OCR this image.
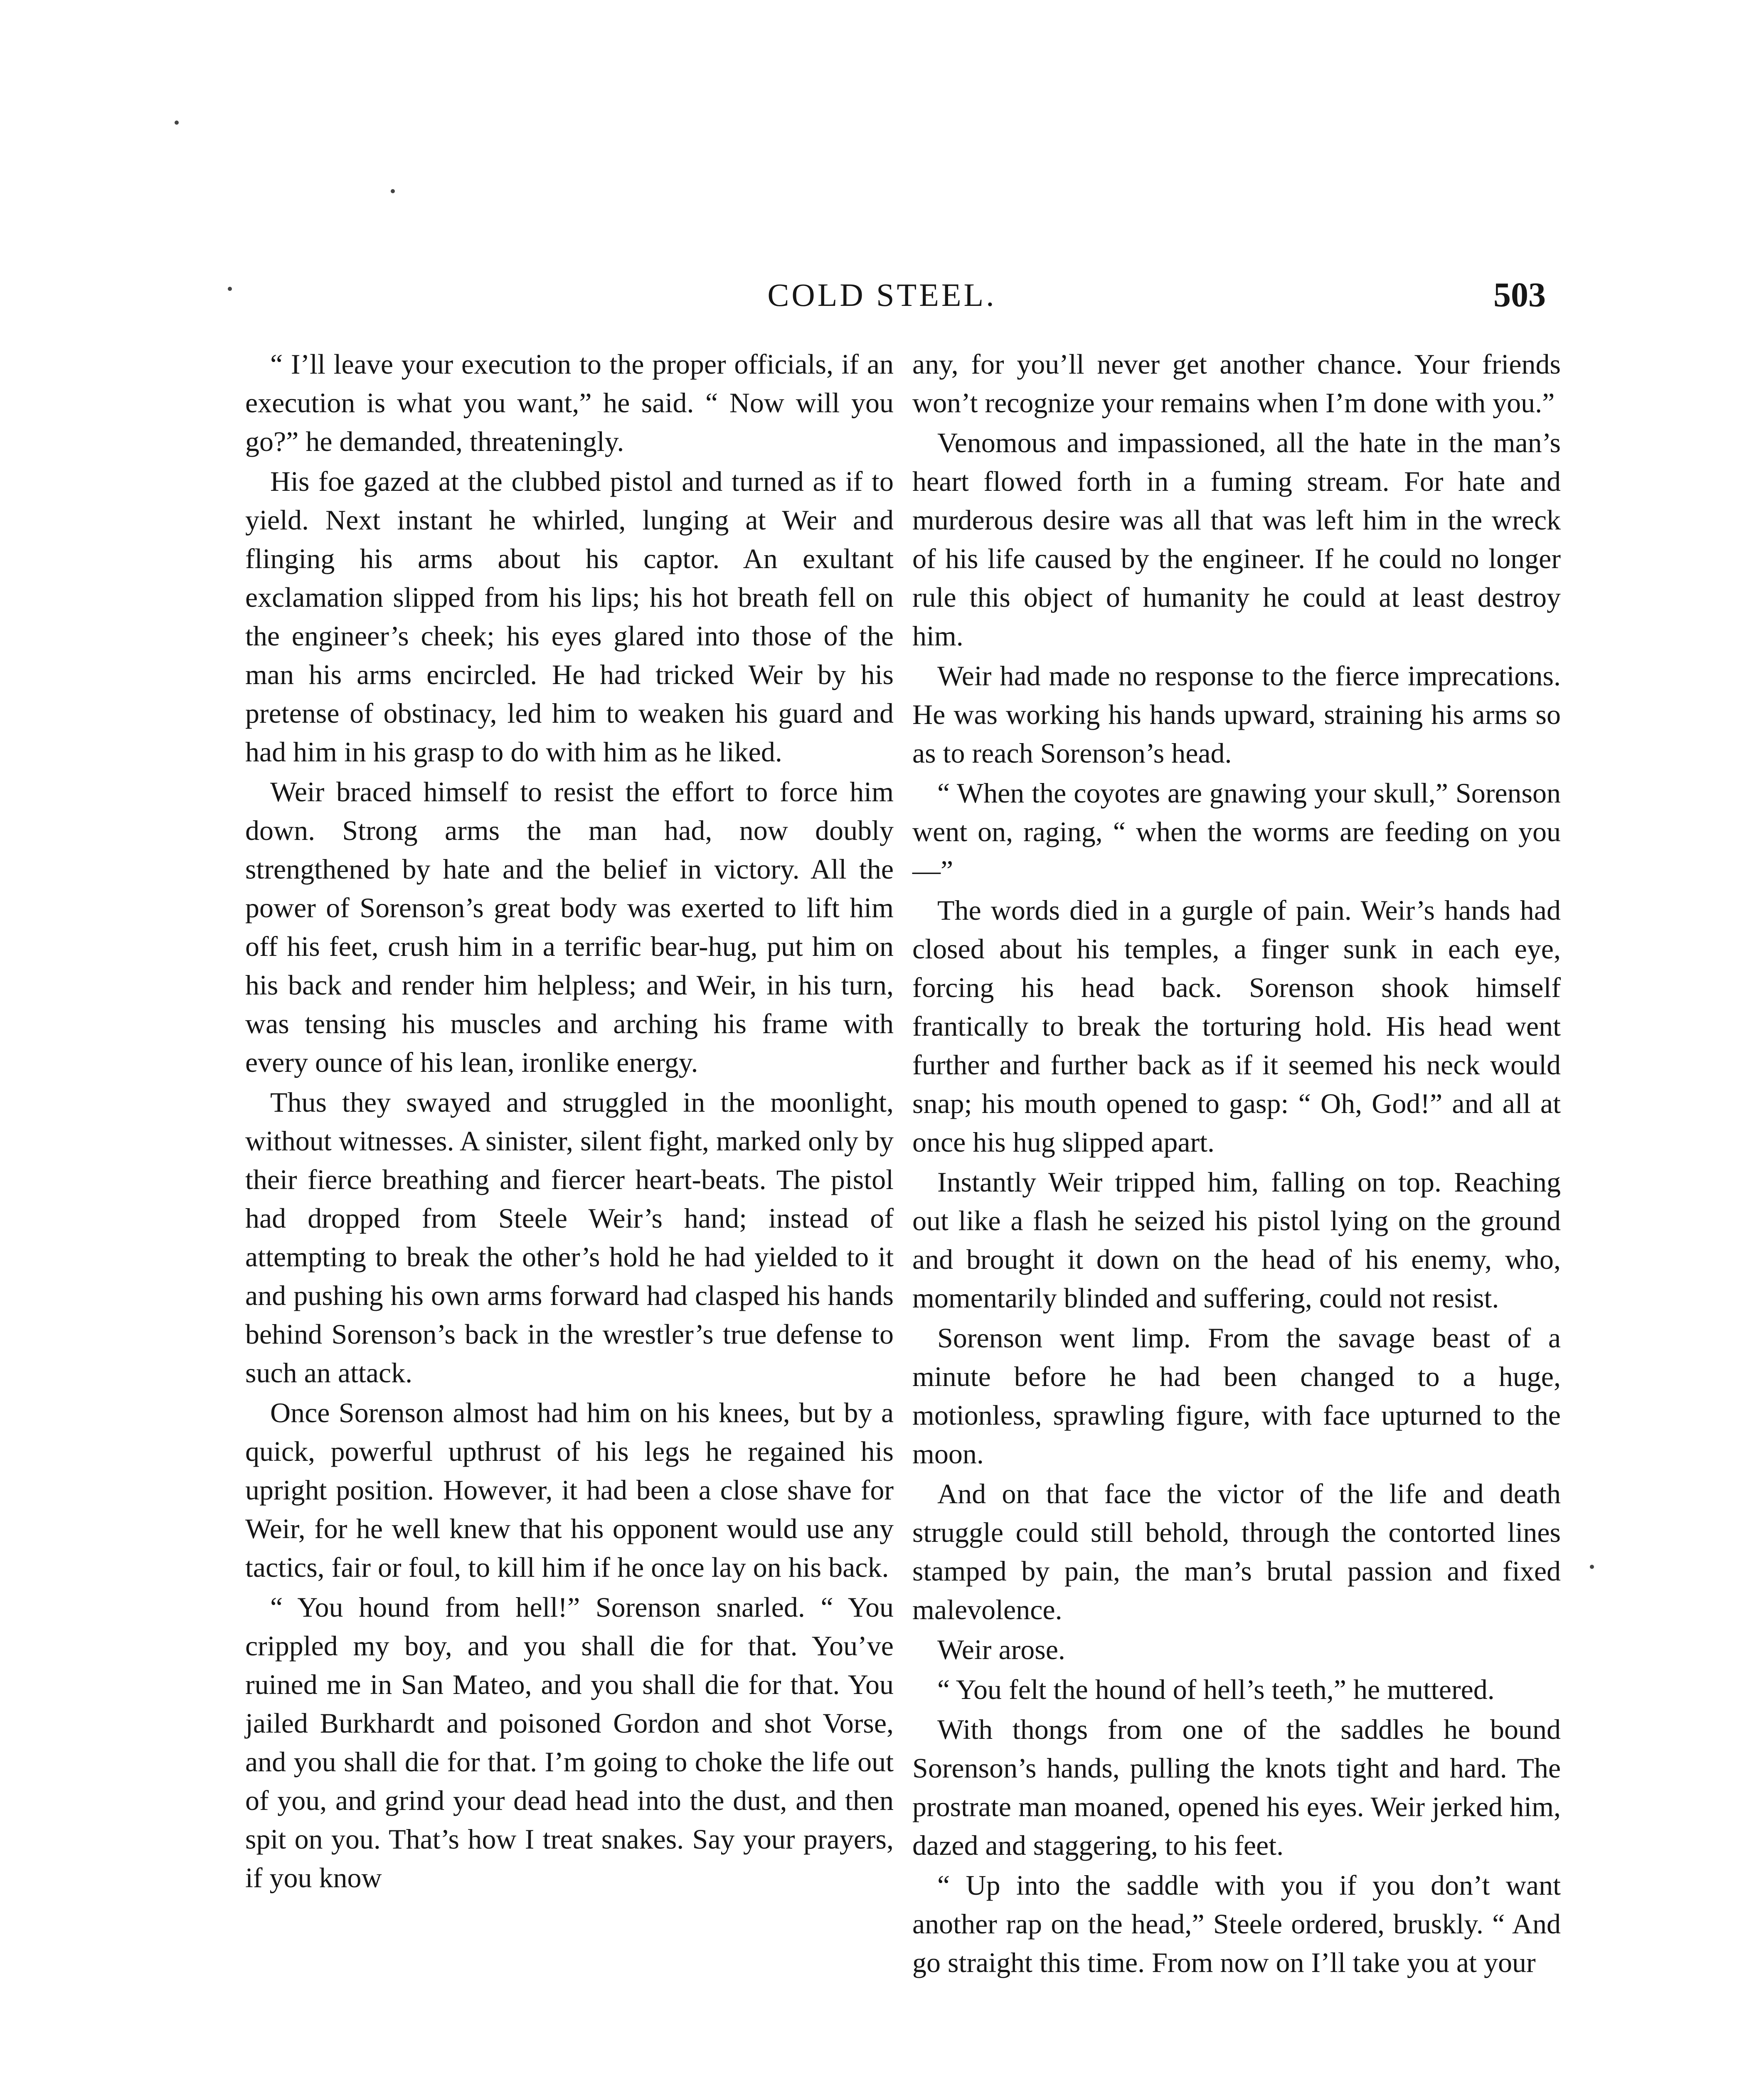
COLD STEEL.	503

“ I’ll leave your execution to the proper officials, if an execution is what you want,” he said. “ Now will you go?” he demanded, threateningly.

His foe gazed at the clubbed pistol and turned as if to yield. Next instant he whirled, lunging at Weir and flinging his arms about his captor. An exultant exclamation slipped from his lips; his hot breath fell on the engineer’s cheek; his eyes glared into those of the man his arms encircled. He had tricked Weir by his pretense of obstinacy, led him to weaken his guard and had him in his grasp to do with him as he liked.

Weir braced himself to resist the effort to force him down. Strong arms the man had, now doubly strengthened by hate and the belief in victory. All the power of Sorenson’s great body was exerted to lift him off his feet, crush him in a terrific bear-hug, put him on his back and render him helpless; and Weir, in his turn, was tensing his muscles and arching his frame with every ounce of his lean, ironlike energy.

Thus they swayed and struggled in the moonlight, without witnesses. A sinister, silent fight, marked only by their fierce breathing and fiercer heart-beats. The pistol had dropped from Steele Weir’s hand; instead of attempting to break the other’s hold he had yielded to it and pushing his own arms forward had clasped his hands behind Sorenson’s back in the wrestler’s true defense to such an attack.

Once Sorenson almost had him on his knees, but by a quick, powerful upthrust of his legs he regained his upright position. However, it had been a close shave for Weir, for he well knew that his opponent would use any tactics, fair or foul, to kill him if he once lay on his back.

“ You hound from hell!” Sorenson snarled. “ You crippled my boy, and you shall die for that. You’ve ruined me in San Mateo, and you shall die for that. You jailed Burkhardt and poisoned Gordon and shot Vorse, and you shall die for that. I’m going to choke the life out of you, and grind your dead head into the dust, and then spit on you. That’s how I treat snakes. Say your prayers, if you know

any, for you’ll never get another chance. Your friends won’t recognize your remains when I’m done with you.”

Venomous and impassioned, all the hate in the man’s heart flowed forth in a fuming stream. For hate and murderous desire was all that was left him in the wreck of his life caused by the engineer. If he could no longer rule this object of humanity he could at least destroy him.

Weir had made no response to the fierce imprecations. He was working his hands upward, straining his arms so as to reach Sorenson’s head.

“ When the coyotes are gnawing your skull,” Sorenson went on, raging, “ when the worms are feeding on you—”

The words died in a gurgle of pain. Weir’s hands had closed about his temples, a finger sunk in each eye, forcing his head back. Sorenson shook himself frantically to break the torturing hold. His head went further and further back as if it seemed his neck would snap; his mouth opened to gasp: “ Oh, God!” and all at once his hug slipped apart.

Instantly Weir tripped him, falling on top. Reaching out like a flash he seized his pistol lying on the ground and brought it down on the head of his enemy, who, momentarily blinded and suffering, could not resist.

Sorenson went limp. From the savage beast of a minute before he had been changed to a huge, motionless, sprawling figure, with face upturned to the moon.

And on that face the victor of the life and death struggle could still behold, through the contorted lines stamped by pain, the man’s brutal passion and fixed malevolence.

Weir arose.

“ You felt the hound of hell’s teeth,” he muttered.

With thongs from one of the saddles he bound Sorenson’s hands, pulling the knots tight and hard. The prostrate man moaned, opened his eyes. Weir jerked him, dazed and staggering, to his feet.

“ Up into the saddle with you if you don’t want another rap on the head,” Steele ordered, bruskly. “ And go straight this time. From now on I’ll take you at your
